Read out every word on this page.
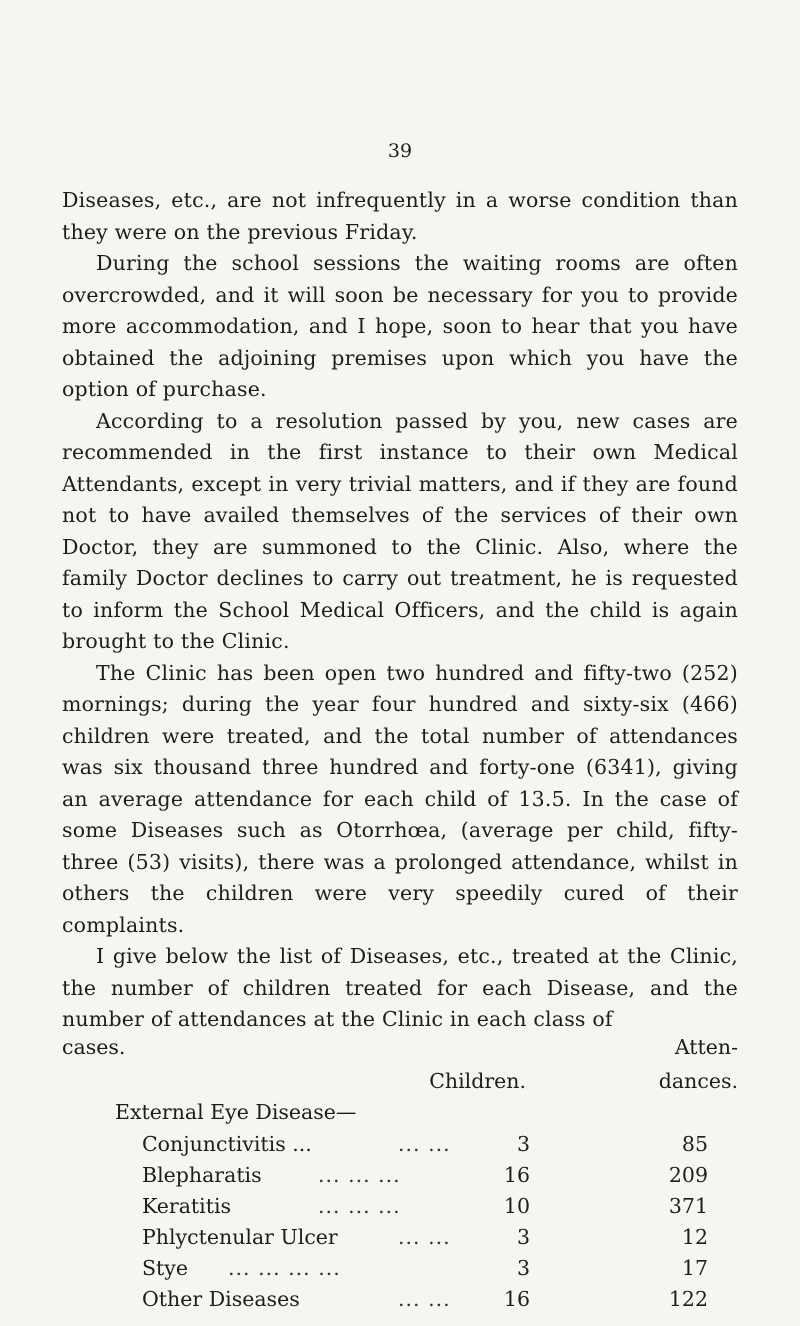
39

Diseases, etc., are not infrequently in a worse condition than they were on the previous Friday.

During the school sessions the waiting rooms are often overcrowded, and it will soon be necessary for you to provide more accommodation, and I hope, soon to hear that you have obtained the adjoining premises upon which you have the option of purchase.

According to a resolution passed by you, new cases are recommended in the first instance to their own Medical Attendants, except in very trivial matters, and if they are found not to have availed themselves of the services of their own Doctor, they are summoned to the Clinic. Also, where the family Doctor declines to carry out treatment, he is requested to inform the School Medical Officers, and the child is again brought to the Clinic.

The Clinic has been open two hundred and fifty-two (252) mornings; during the year four hundred and sixty-six (466) children were treated, and the total number of attendances was six thousand three hundred and forty-one (6341), giving an average attendance for each child of 13.5. In the case of some Diseases such as Otorrhœa, (average per child, fifty-three (53) visits), there was a prolonged attendance, whilst in others the children were very speedily cured of their complaints.

I give below the list of Diseases, etc., treated at the Clinic, the number of children treated for each Disease, and the number of attendances at the Clinic in each class of

cases.
Children.
Atten-
dances.
External Eye Disease—
Conjunctivitis ...	... ...	3	85
Blepharatis	... ... ...	16	209
Keratitis	... ... ...	10	371
Phlyctenular Ulcer	... ...	3	12
Stye ... ... ... ...	3	17
Other Diseases	... ...	16	122
